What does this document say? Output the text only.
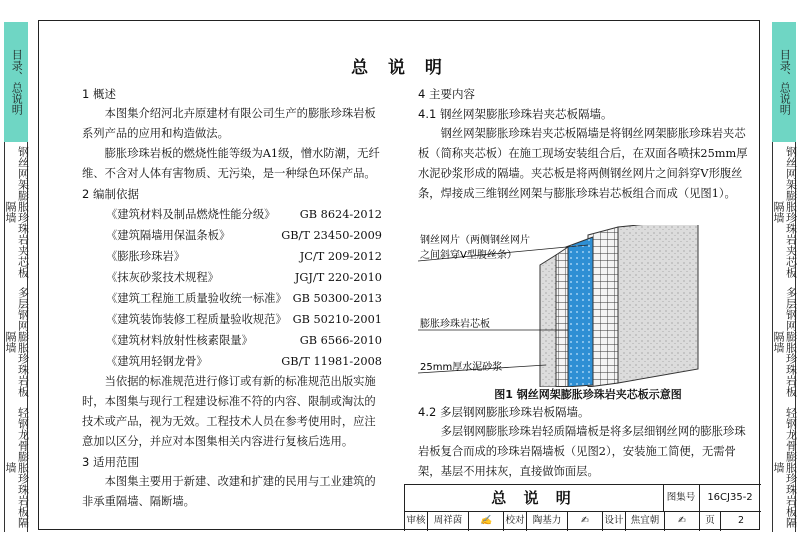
目录、总说明
钢丝网架膨胀珍珠岩夹芯板隔墙
多层钢网膨胀珍珠岩板隔墙
轻钢龙骨膨胀珍珠岩板隔墙
目录、总说明
钢丝网架膨胀珍珠岩夹芯板隔墙
多层钢网膨胀珍珠岩板隔墙
轻钢龙骨膨胀珍珠岩板隔墙
总 说 明
1 概述

本图集介绍河北卉原建材有限公司生产的膨胀珍珠岩板系列产品的应用和构造做法。

膨胀珍珠岩板的燃烧性能等级为A1级，憎水防潮，无纤维、不含对人体有害物质、无污染，是一种绿色环保产品。

2 编制依据
《建筑材料及制品燃烧性能分级》 GB 8624-2012
《建筑隔墙用保温条板》	GB/T 23450-2009
《膨胀珍珠岩》	JC/T 209-2012
《抹灰砂浆技术规程》	JGJ/T 220-2010
《建筑工程施工质量验收统一标准》 GB 50300-2013
《建筑装饰装修工程质量验收规范》 GB 50210-2001
《建筑材料放射性核素限量》	GB 6566-2010
《建筑用轻钢龙骨》	GB/T 11981-2008

当依据的标准规范进行修订或有新的标准规范出版实施时，本图集与现行工程建设标准不符的内容、限制或淘汰的技术或产品，视为无效。工程技术人员在参考使用时，应注意加以区分，并应对本图集相关内容进行复核后选用。

3 适用范围

本图集主要用于新建、改建和扩建的民用与工业建筑的非承重隔墙、隔断墙。

4 主要内容
4.1 钢丝网架膨胀珍珠岩夹芯板隔墙。

钢丝网架膨胀珍珠岩夹芯板隔墙是将钢丝网架膨胀珍珠岩夹芯板（简称夹芯板）在施工现场安装组合后，在双面各喷抹25mm厚水泥砂浆形成的隔墙。夹芯板是将两侧钢丝网片之间斜穿V形腹丝条，焊接成三维钢丝网架与膨胀珍珠岩芯板组合而成（见图1）。

钢丝网片（两侧钢丝网片
之间斜穿V型腹丝条）
膨胀珍珠岩芯板
25mm厚水泥砂浆
图1 钢丝网架膨胀珍珠岩夹芯板示意图
4.2 多层钢网膨胀珍珠岩板隔墙。

多层钢网膨胀珍珠岩轻质隔墙板是将多层细钢丝网的膨胀珍珠岩板复合而成的珍珠岩隔墙板（见图2），安装施工简便，无需骨架，基层不用抹灰，直接做饰面层。

总 说 明	图集号	16CJ35-2
审核 周祥茵	✍	校对 陶基力	✍	设计 焦宜朝	✍	页	2
